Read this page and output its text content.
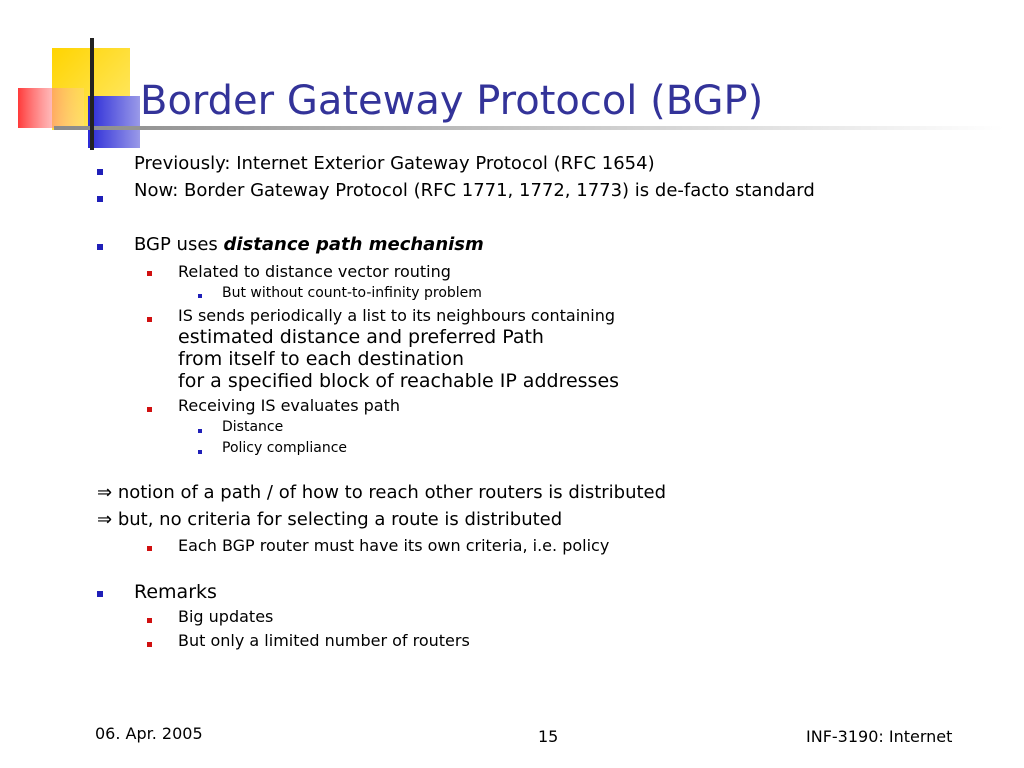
Border Gateway Protocol (BGP)
Previously: Internet Exterior Gateway Protocol (RFC 1654)
Now: Border Gateway Protocol (RFC 1771, 1772, 1773) is de-facto standard
BGP uses distance path mechanism
Related to distance vector routing
But without count-to-infinity problem
IS sends periodically a list to its neighbours containing
estimated distance and preferred Path
from itself to each destination
for a specified block of reachable IP addresses
Receiving IS evaluates path
Distance
Policy compliance
⇒ notion of a path / of how to reach other routers is distributed
⇒ but, no criteria for selecting a route is distributed
Each BGP router must have its own criteria, i.e. policy
Remarks
Big updates
But only a limited number of routers
06. Apr. 2005	15	INF-3190: Internet
